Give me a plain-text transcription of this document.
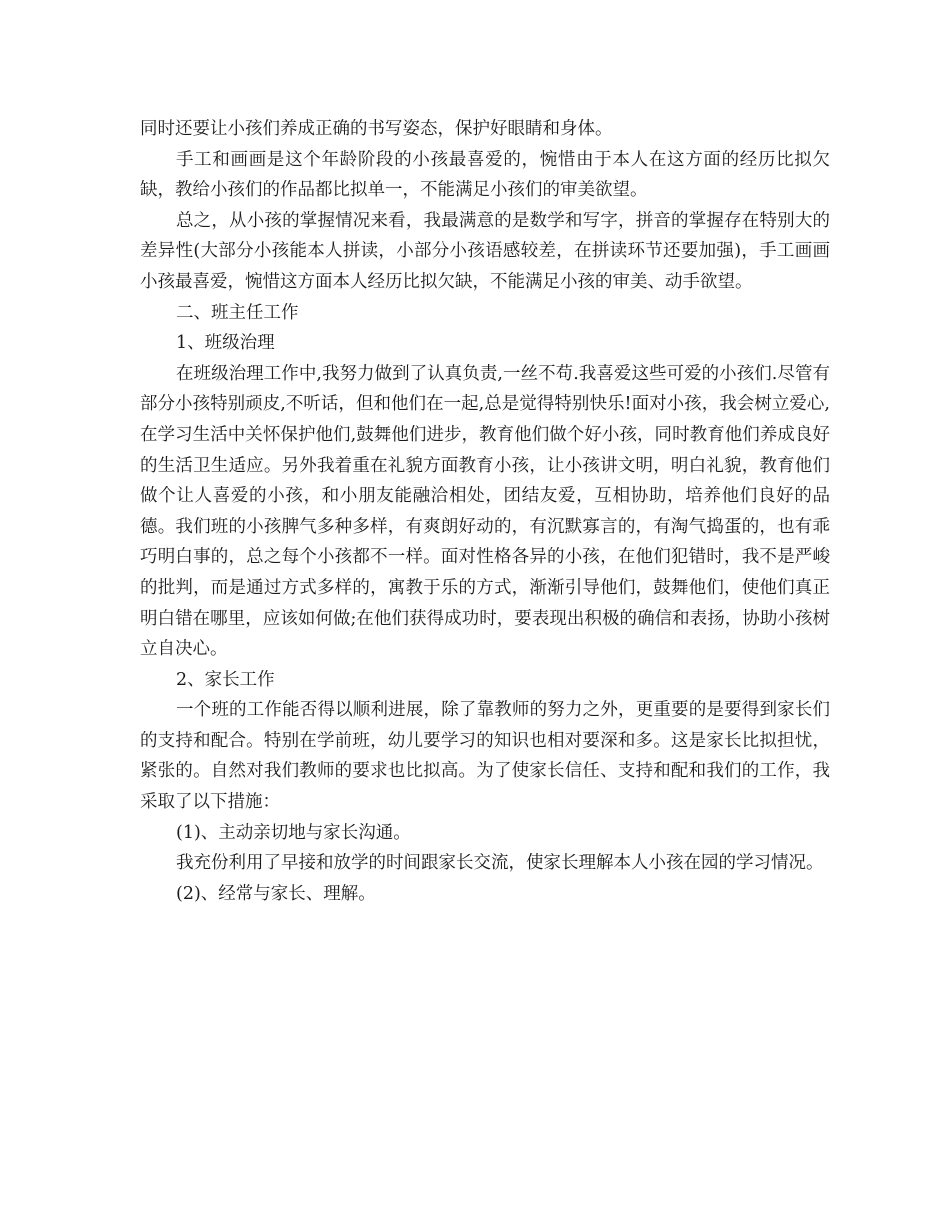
同时还要让小孩们养成正确的书写姿态，保护好眼睛和身体。

手工和画画是这个年龄阶段的小孩最喜爱的，惋惜由于本人在这方面的经历比拟欠缺，教给小孩们的作品都比拟单一，不能满足小孩们的审美欲望。

总之，从小孩的掌握情况来看，我最满意的是数学和写字，拼音的掌握存在特别大的差异性(大部分小孩能本人拼读，小部分小孩语感较差，在拼读环节还要加强)，手工画画小孩最喜爱，惋惜这方面本人经历比拟欠缺，不能满足小孩的审美、动手欲望。

二、班主任工作

1、班级治理

在班级治理工作中,我努力做到了认真负责,一丝不苟.我喜爱这些可爱的小孩们.尽管有部分小孩特别顽皮,不听话，但和他们在一起,总是觉得特别快乐!面对小孩，我会树立爱心,在学习生活中关怀保护他们,鼓舞他们进步，教育他们做个好小孩，同时教育他们养成良好的生活卫生适应。另外我着重在礼貌方面教育小孩，让小孩讲文明，明白礼貌，教育他们做个让人喜爱的小孩，和小朋友能融洽相处，团结友爱，互相协助，培养他们良好的品德。我们班的小孩脾气多种多样，有爽朗好动的，有沉默寡言的，有淘气捣蛋的，也有乖巧明白事的，总之每个小孩都不一样。面对性格各异的小孩，在他们犯错时，我不是严峻的批判，而是通过方式多样的，寓教于乐的方式，渐渐引导他们，鼓舞他们，使他们真正明白错在哪里，应该如何做;在他们获得成功时，要表现出积极的确信和表扬，协助小孩树立自决心。

2、家长工作

一个班的工作能否得以顺利进展，除了靠教师的努力之外，更重要的是要得到家长们的支持和配合。特别在学前班，幼儿要学习的知识也相对要深和多。这是家长比拟担忧，紧张的。自然对我们教师的要求也比拟高。为了使家长信任、支持和配和我们的工作，我采取了以下措施：

(1)、主动亲切地与家长沟通。

我充份利用了早接和放学的时间跟家长交流，使家长理解本人小孩在园的学习情况。

(2)、经常与家长、理解。
